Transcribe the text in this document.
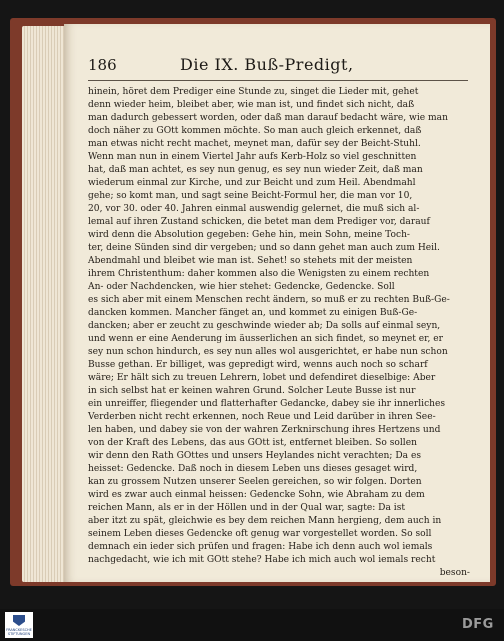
186	Die IX. Buß-Predigt,
hinein, höret dem Prediger eine Stunde zu, singet die Lieder mit, gehet
denn wieder heim, bleibet aber, wie man ist, und findet sich nicht, daß
man dadurch gebessert worden, oder daß man darauf bedacht wäre, wie man
doch näher zu GOtt kommen möchte. So man auch gleich erkennet, daß
man etwas nicht recht machet, meynet man, dafür sey der Beicht-Stuhl.
Wenn man nun in einem Viertel Jahr aufs Kerb-Holz so viel geschnitten
hat, daß man achtet, es sey nun genug, es sey nun wieder Zeit, daß man
wiederum einmal zur Kirche, und zur Beicht und zum Heil. Abendmahl
gehe; so komt man, und sagt seine Beicht-Formul her, die man vor 10,
20, vor 30. oder 40. Jahren einmal auswendig gelernet, die muß sich al-
lemal auf ihren Zustand schicken, die betet man dem Prediger vor, darauf
wird denn die Absolution gegeben: Gehe hin, mein Sohn, meine Toch-
ter, deine Sünden sind dir vergeben; und so dann gehet man auch zum Heil.
Abendmahl und bleibet wie man ist. Sehet! so stehets mit der meisten
ihrem Christenthum: daher kommen also die Wenigsten zu einem rechten
An- oder Nachdencken, wie hier stehet: Gedencke, Gedencke. Soll
es sich aber mit einem Menschen recht ändern, so muß er zu rechten Buß-Ge-
dancken kommen. Mancher fänget an, und kommet zu einigen Buß-Ge-
dancken; aber er zeucht zu geschwinde wieder ab; Da solls auf einmal seyn,
und wenn er eine Aenderung im äusserlichen an sich findet, so meynet er, er
sey nun schon hindurch, es sey nun alles wol ausgerichtet, er habe nun schon
Busse gethan. Er billiget, was gepredigt wird, wenns auch noch so scharf
wäre; Er hält sich zu treuen Lehrern, lobet und defendiret dieselbige: Aber
in sich selbst hat er keinen wahren Grund. Solcher Leute Busse ist nur
ein unreiffer, fliegender und flatterhafter Gedancke, dabey sie ihr innerliches
Verderben nicht recht erkennen, noch Reue und Leid darüber in ihren See-
len haben, und dabey sie von der wahren Zerknirschung ihres Hertzens und
von der Kraft des Lebens, das aus GOtt ist, entfernet bleiben. So sollen
wir denn den Rath GOttes und unsers Heylandes nicht verachten; Da es
heisset: Gedencke. Daß noch in diesem Leben uns dieses gesaget wird,
kan zu grossem Nutzen unserer Seelen gereichen, so wir folgen. Dorten
wird es zwar auch einmal heissen: Gedencke Sohn, wie Abraham zu dem
reichen Mann, als er in der Höllen und in der Qual war, sagte: Da ist
aber itzt zu spät, gleichwie es bey dem reichen Mann hergieng, dem auch in
seinem Leben dieses Gedencke oft genug war vorgestellet worden. So soll
demnach ein ieder sich prüfen und fragen: Habe ich denn auch wol iemals
nachgedacht, wie ich mit GOtt stehe? Habe ich mich auch wol iemals recht
beson-
FRANCKESCHE STIFTUNGEN
DFG
